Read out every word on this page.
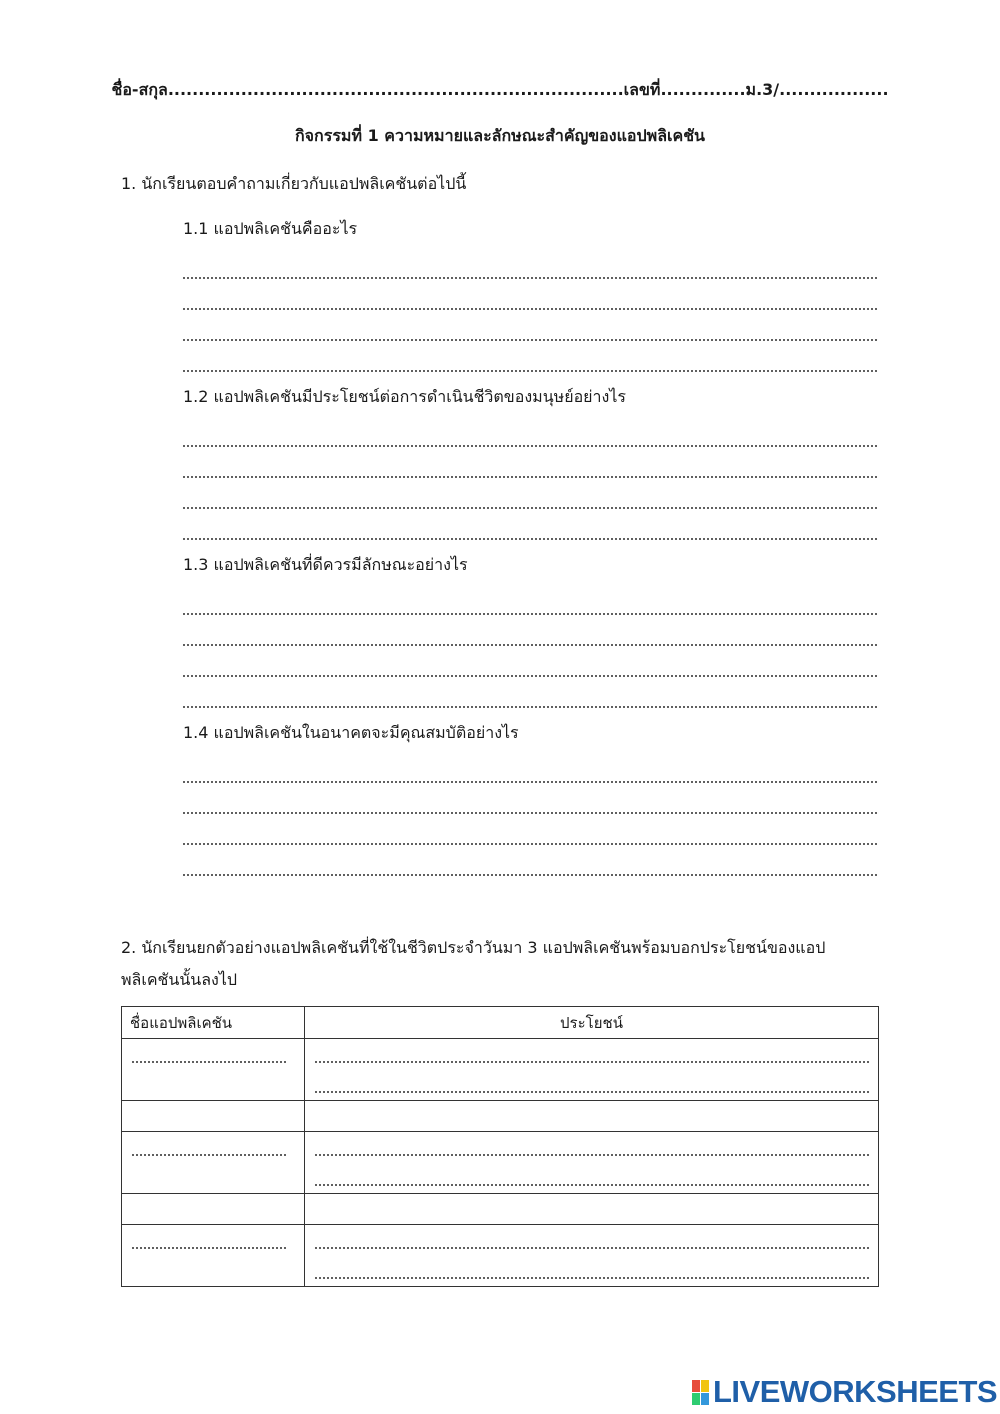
ชื่อ-สกุล...........................................................................เลขที่..............ม.3/..................
กิจกรรมที่ 1 ความหมายและลักษณะสำคัญของแอปพลิเคชัน
1. นักเรียนตอบคำถามเกี่ยวกับแอปพลิเคชันต่อไปนี้
1.1 แอปพลิเคชันคืออะไร
1.2 แอปพลิเคชันมีประโยชน์ต่อการดำเนินชีวิตของมนุษย์อย่างไร
1.3 แอปพลิเคชันที่ดีควรมีลักษณะอย่างไร
1.4 แอปพลิเคชันในอนาคตจะมีคุณสมบัติอย่างไร
2. นักเรียนยกตัวอย่างแอปพลิเคชันที่ใช้ในชีวิตประจำวันมา 3 แอปพลิเคชันพร้อมบอกประโยชน์ของแอป
พลิเคชันนั้นลงไป
ชื่อแอปพลิเคชัน	ประโยชน์

LIVEWORKSHEETS
